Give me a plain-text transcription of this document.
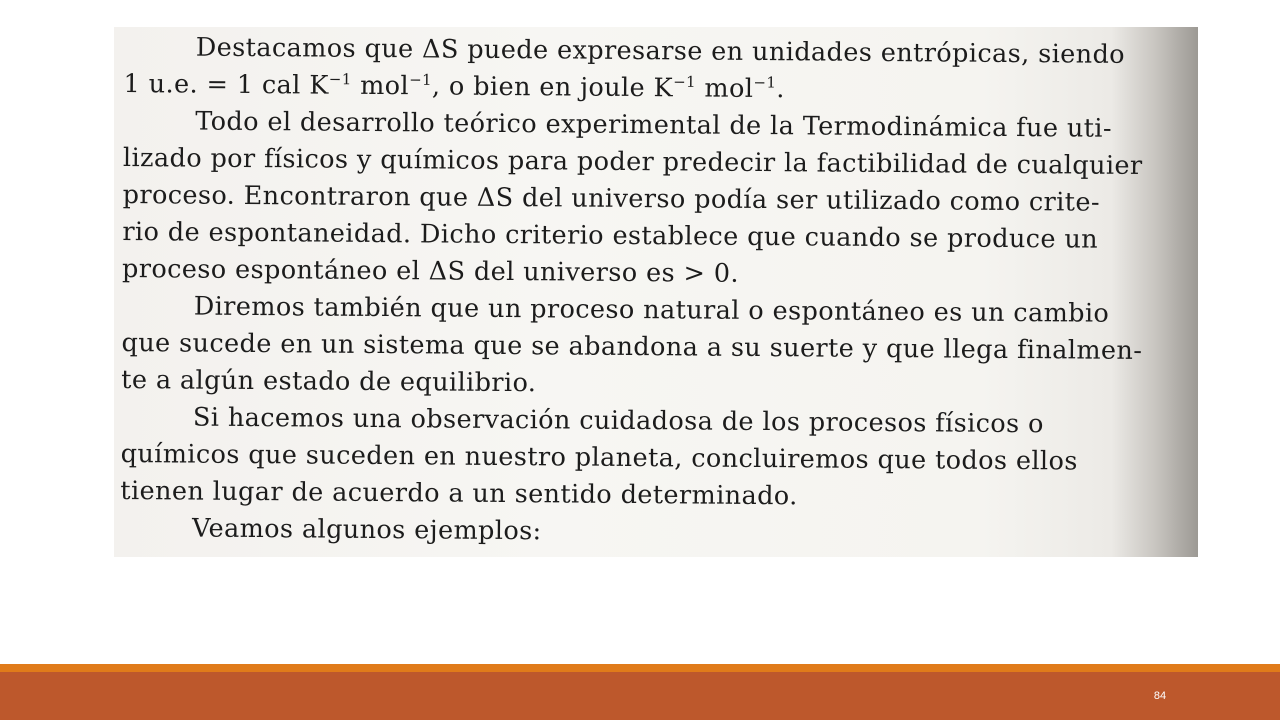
Destacamos que ΔS puede expresarse en unidades entrópicas, siendo
1 u.e. = 1 cal $K^{-1}$ mol$^{-1}$, o bien en joule $K^{-1}$ mol$^{-1}$.
Todo el desarrollo teórico experimental de la Termodinámica fue uti-
lizado por físicos y químicos para poder predecir la factibilidad de cualquier
proceso. Encontraron que ΔS del universo podía ser utilizado como crite-
rio de espontaneidad. Dicho criterio establece que cuando se produce un
proceso espontáneo el ΔS del universo es > 0.
Diremos también que un proceso natural o espontáneo es un cambio
que sucede en un sistema que se abandona a su suerte y que llega finalmen-
te a algún estado de equilibrio.
Si hacemos una observación cuidadosa de los procesos físicos o
químicos que suceden en nuestro planeta, concluiremos que todos ellos
tienen lugar de acuerdo a un sentido determinado.
Veamos algunos ejemplos:
84
